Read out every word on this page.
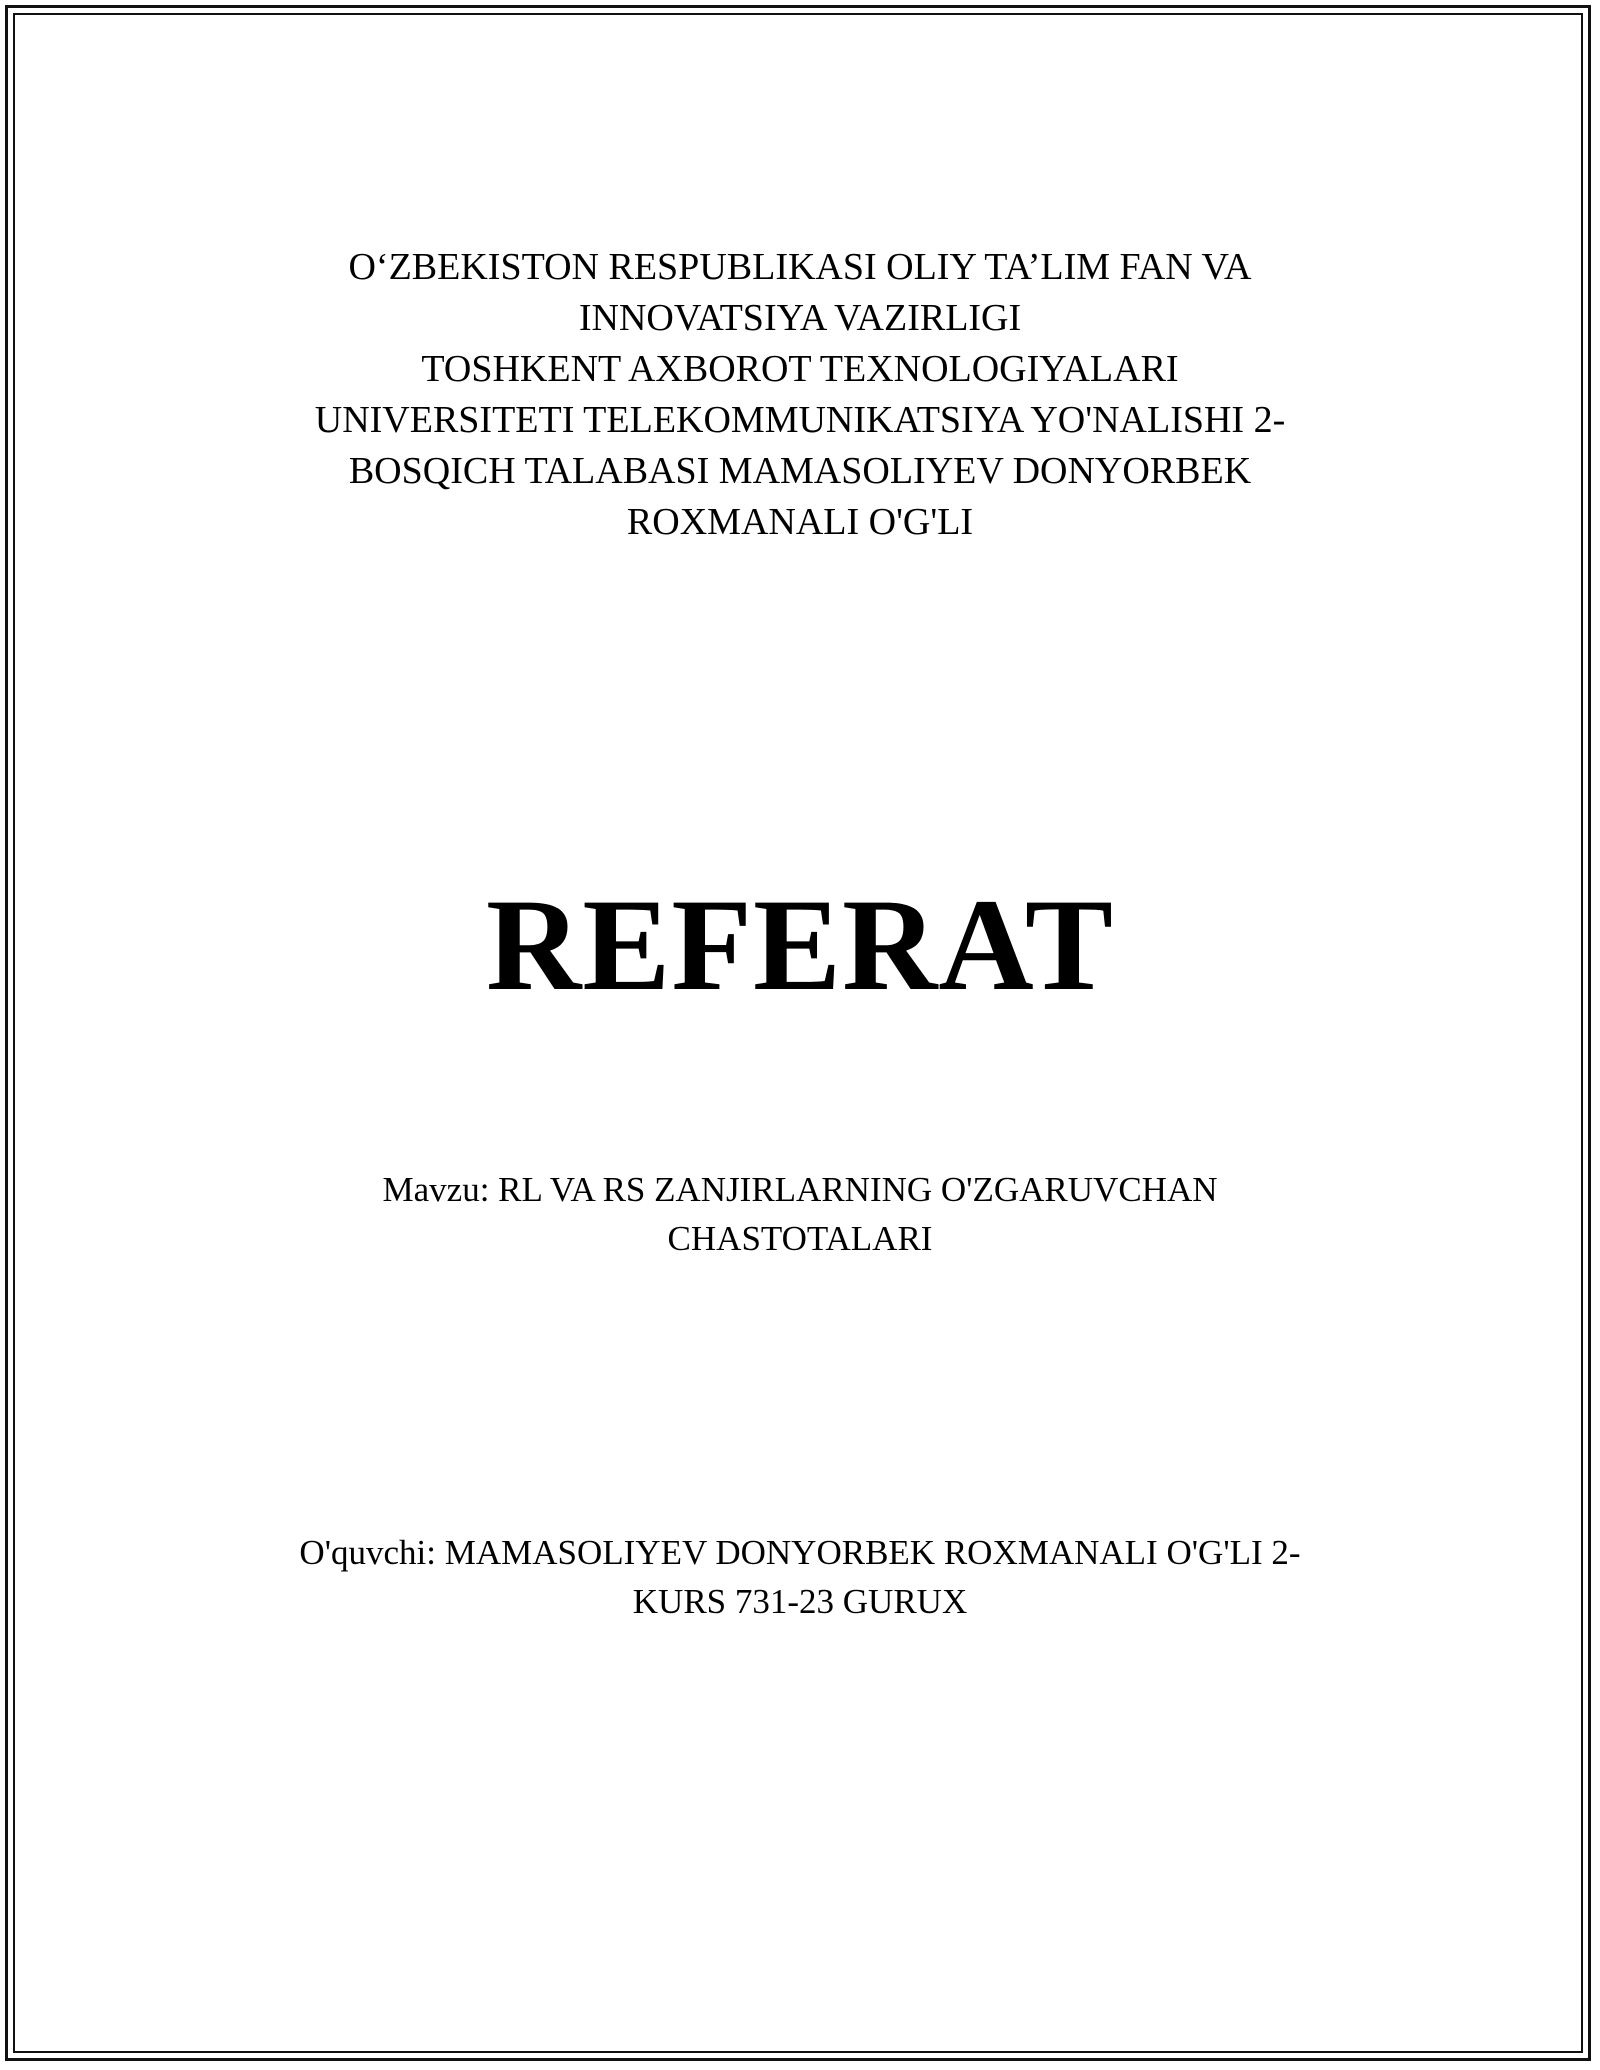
O‘ZBEKISTON RESPUBLIKASI OLIY TA’LIM FAN VA
INNOVATSIYA VAZIRLIGI
TOSHKENT AXBOROT TEXNOLOGIYALARI
UNIVERSITETI TELEKOMMUNIKATSIYA YO'NALISHI 2-
BOSQICH TALABASI MAMASOLIYEV DONYORBEK
ROXMANALI O'G'LI
REFERAT
Mavzu: RL VA RS ZANJIRLARNING O'ZGARUVCHAN
CHASTOTALARI
O'quvchi: MAMASOLIYEV DONYORBEK ROXMANALI O'G'LI 2-
KURS 731-23 GURUX
